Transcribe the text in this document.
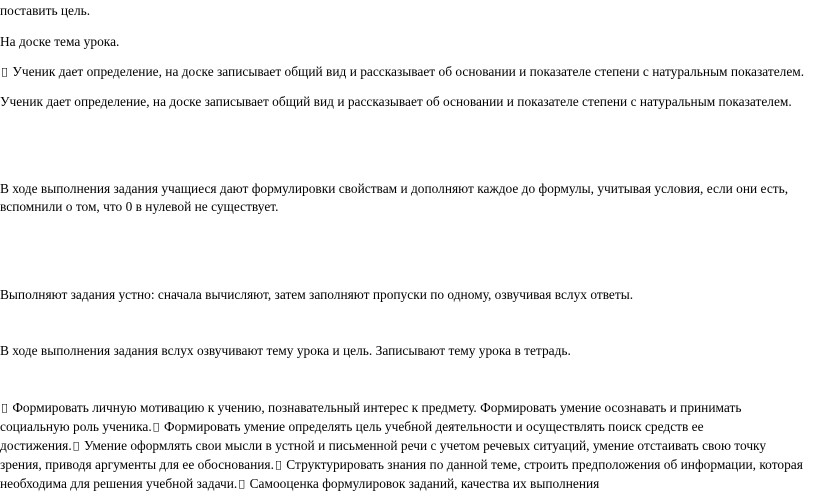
поставить цель.

На доске тема урока.

Ученик дает определение, на доске записывает общий вид и рассказывает об основании и показателе степени с натуральным показателем.

Ученик дает определение, на доске записывает общий вид и рассказывает об основании и показателе степени с натуральным показателем.

В ходе выполнения задания учащиеся дают формулировки свойствам и дополняют каждое до формулы, учитывая условия, если они есть,

вспомнили о том, что 0 в нулевой не существует.

Выполняют задания устно: сначала вычисляют, затем заполняют пропуски по одному, озвучивая вслух ответы.

В ходе выполнения задания вслух озвучивают тему урока и цель. Записывают тему урока в тетрадь.

Формировать личную мотивацию к учению, познавательный интерес к предмету. Формировать умение осознавать и принимать
социальную роль ученика. Формировать умение определять цель учебной деятельности и осуществлять поиск средств ее
достижения. Умение оформлять свои мысли в устной и письменной речи с учетом речевых ситуаций, умение отстаивать свою точку
зрения, приводя аргументы для ее обоснования. Структурировать знания по данной теме, строить предположения об информации, которая
необходима для решения учебной задачи. Самооценка формулировок заданий, качества их выполнения
